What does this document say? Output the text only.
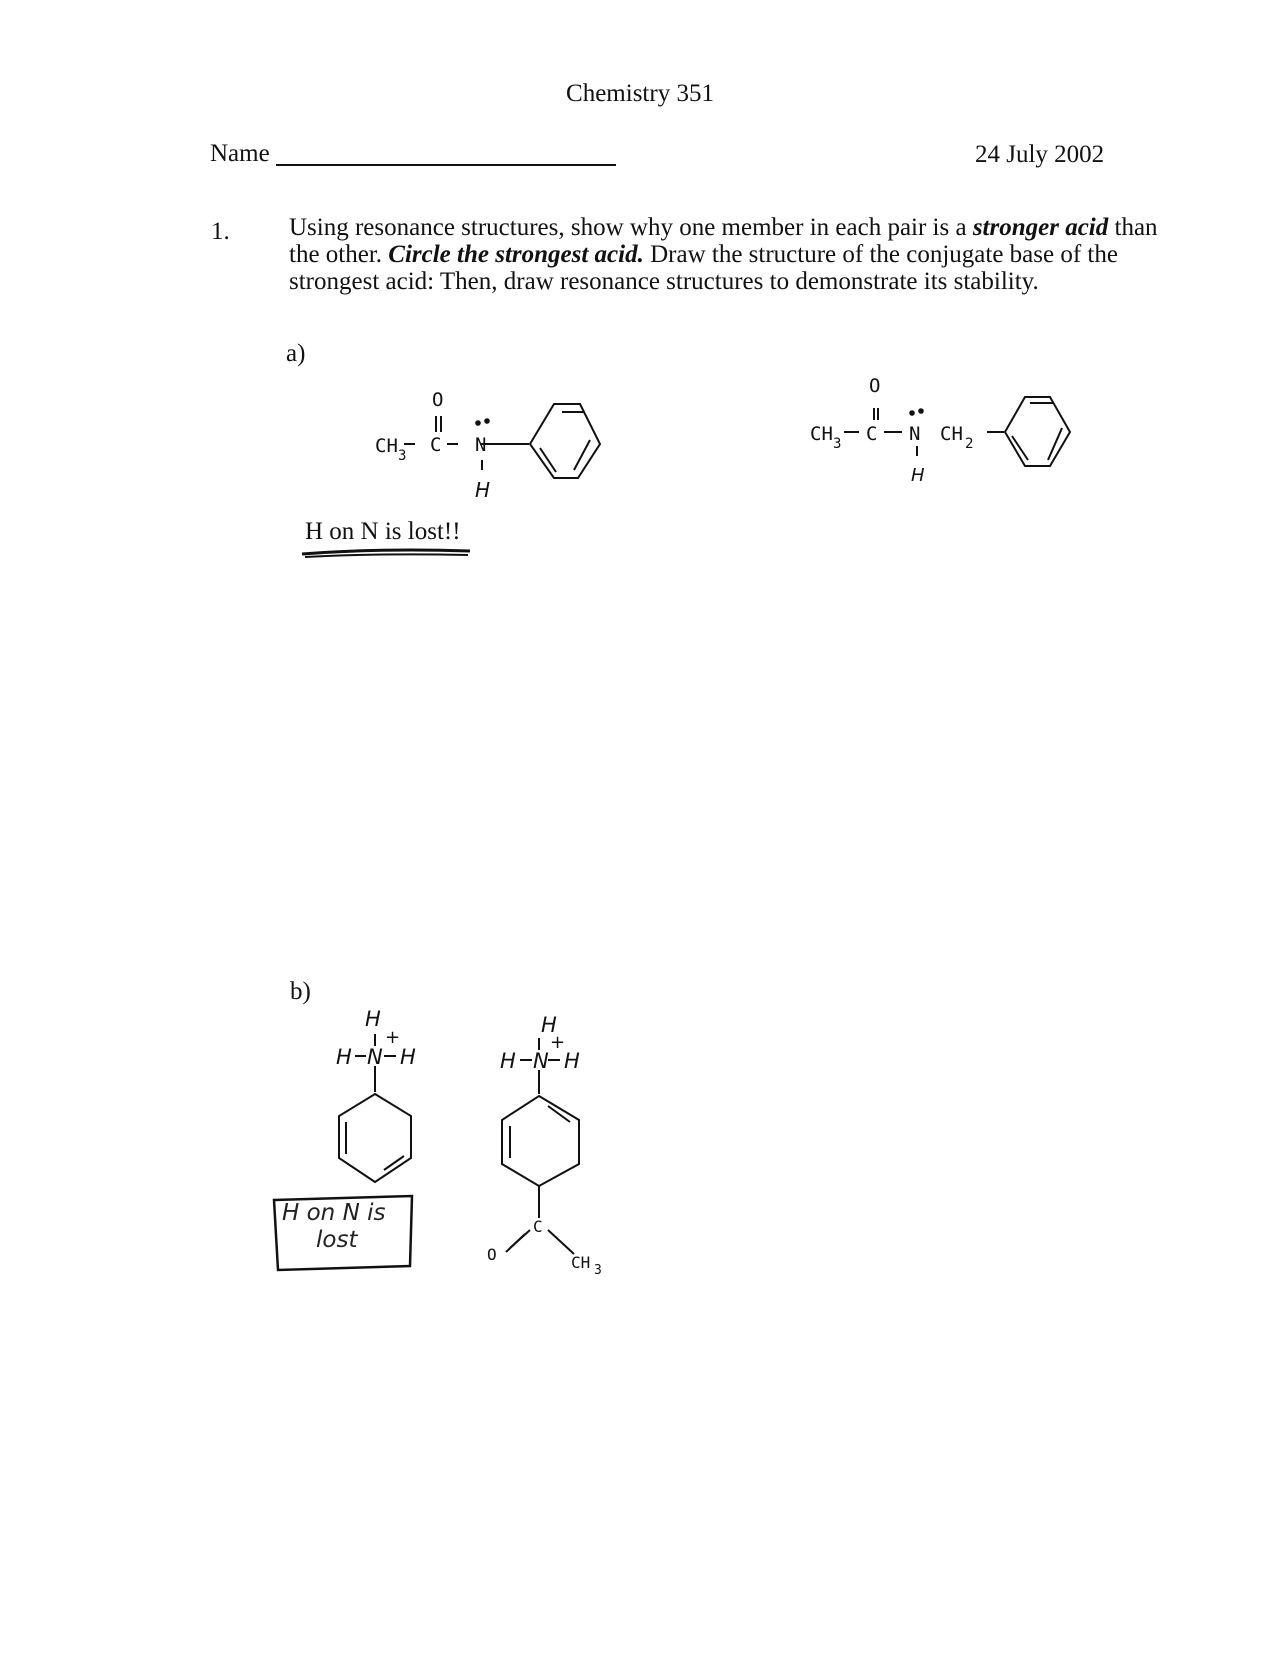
Chemistry 351
Name	24 July 2002
1. Using resonance structures, show why one member in each pair is a stronger acid than

the other. Circle the strongest acid. Draw the structure of the conjugate base of the

strongest acid: Then, draw resonance structures to demonstrate its stability.

a)
b)
H on N is lost!!
CH 3 C
O
N
H
CH 3 C
O
N CH 2
H
H
H N
+
H
H
H N
+
H
C
O	CH 3
H on N is
lost
